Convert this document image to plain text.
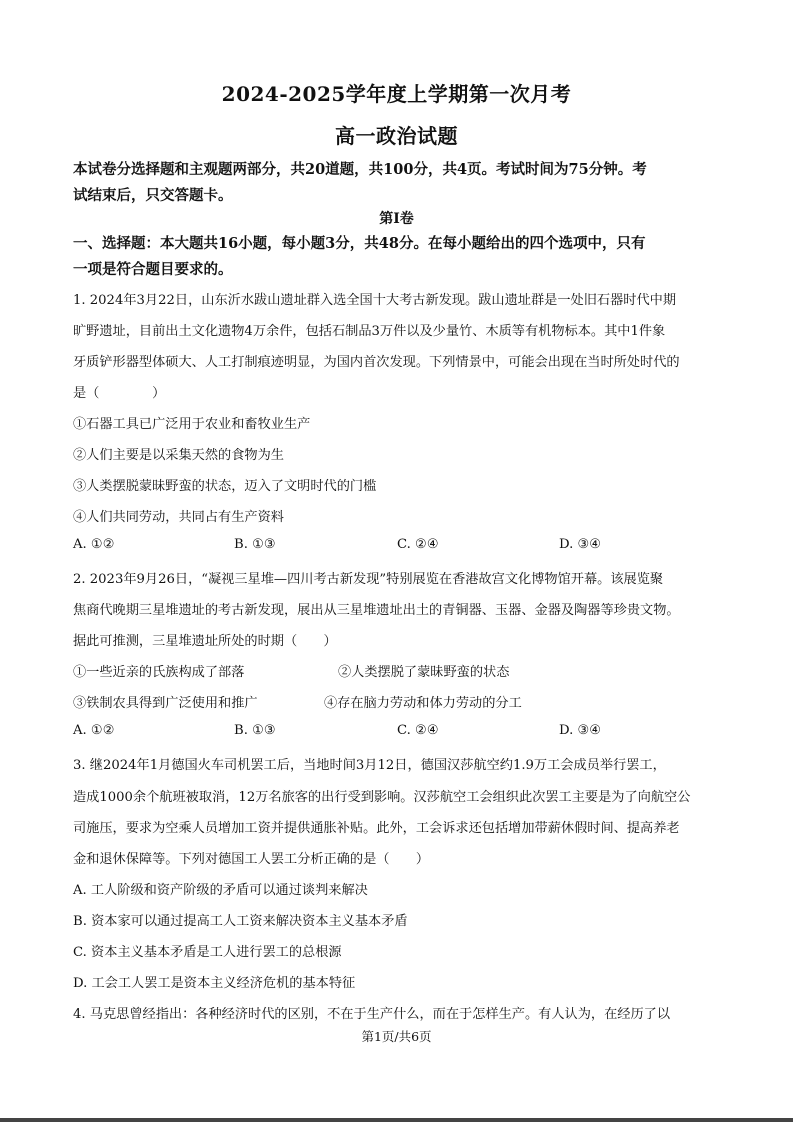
2024-2025学年度上学期第一次月考
高一政治试题
本试卷分选择题和主观题两部分，共20道题，共100分，共4页。考试时间为75分钟。考
试结束后，只交答题卡。
第Ⅰ卷
一、选择题：本大题共16小题，每小题3分，共48分。在每小题给出的四个选项中，只有
一项是符合题目要求的。
1. 2024年3月22日，山东沂水跋山遗址群入选全国十大考古新发现。跋山遗址群是一处旧石器时代中期
旷野遗址，目前出土文化遗物4万余件，包括石制品3万件以及少量竹、木质等有机物标本。其中1件象
牙质铲形器型体硕大、人工打制痕迹明显，为国内首次发现。下列情景中，可能会出现在当时所处时代的
是（　　　　）
①石器工具已广泛用于农业和畜牧业生产
②人们主要是以采集天然的食物为生
③人类摆脱蒙昧野蛮的状态，迈入了文明时代的门槛
④人们共同劳动，共同占有生产资料
A. ①②	B. ①③	C. ②④	D. ③④
2. 2023年9月26日，“凝视三星堆—四川考古新发现”特别展览在香港故宫文化博物馆开幕。该展览聚
焦商代晚期三星堆遗址的考古新发现，展出从三星堆遗址出土的青铜器、玉器、金器及陶器等珍贵文物。
据此可推测，三星堆遗址所处的时期（　　）
①一些近亲的氏族构成了部落	②人类摆脱了蒙昧野蛮的状态
③铁制农具得到广泛使用和推广	④存在脑力劳动和体力劳动的分工
A. ①②	B. ①③	C. ②④	D. ③④
3. 继2024年1月德国火车司机罢工后，当地时间3月12日，德国汉莎航空约1.9万工会成员举行罢工，
造成1000余个航班被取消，12万名旅客的出行受到影响。汉莎航空工会组织此次罢工主要是为了向航空公
司施压，要求为空乘人员增加工资并提供通胀补贴。此外，工会诉求还包括增加带薪休假时间、提高养老
金和退休保障等。下列对德国工人罢工分析正确的是（　　）
A. 工人阶级和资产阶级的矛盾可以通过谈判来解决
B. 资本家可以通过提高工人工资来解决资本主义基本矛盾
C. 资本主义基本矛盾是工人进行罢工的总根源
D. 工会工人罢工是资本主义经济危机的基本特征
4. 马克思曾经指出：各种经济时代的区别，不在于生产什么，而在于怎样生产。有人认为，在经历了以
第1页/共6页
